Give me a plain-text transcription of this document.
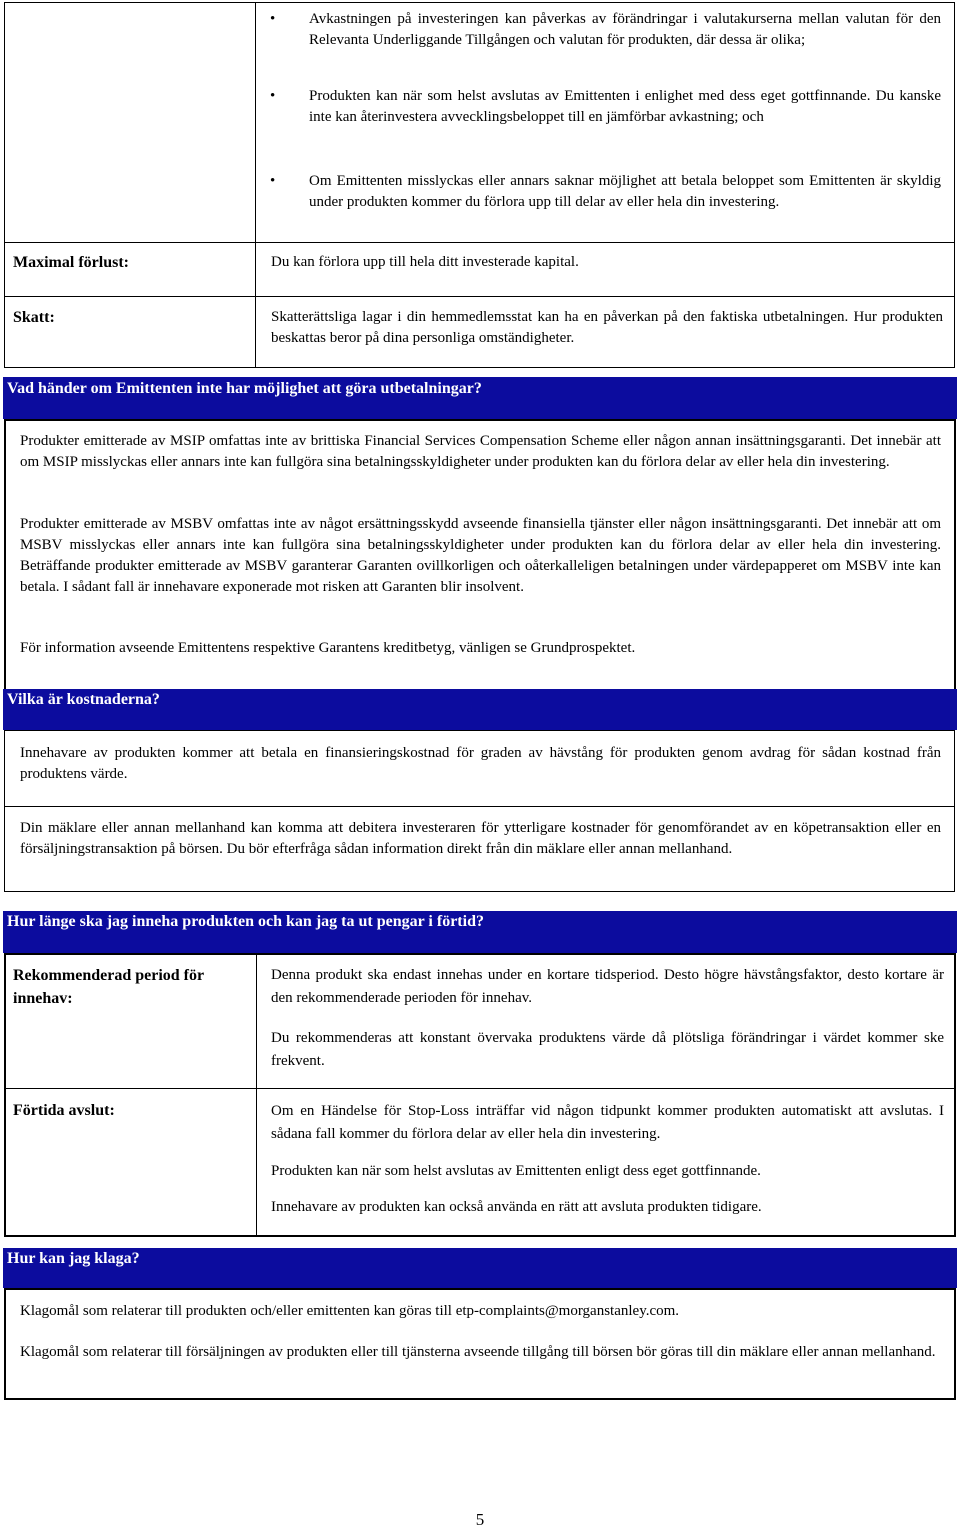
•	Avkastningen på investeringen kan påverkas av förändringar i valutakurserna mellan valutan för den Relevanta Underliggande Tillgången och valutan för produkten, där dessa är olika;
•	Produkten kan när som helst avslutas av Emittenten i enlighet med dess eget gottfinnande. Du kanske inte kan återinvestera avvecklingsbeloppet till en jämförbar avkastning; och
•	Om Emittenten misslyckas eller annars saknar möjlighet att betala beloppet som Emittenten är skyldig under produkten kommer du förlora upp till delar av eller hela din investering.
Maximal förlust:	Du kan förlora upp till hela ditt investerade kapital.
Skatt:	Skatterättsliga lagar i din hemmedlemsstat kan ha en påverkan på den faktiska utbetalningen. Hur produkten beskattas beror på dina personliga omständigheter.
Vad händer om Emittenten inte har möjlighet att göra utbetalningar?
Produkter emitterade av MSIP omfattas inte av brittiska Financial Services Compensation Scheme eller någon annan insättningsgaranti. Det innebär att om MSIP misslyckas eller annars inte kan fullgöra sina betalningsskyldigheter under produkten kan du förlora delar av eller hela din investering.
Produkter emitterade av MSBV omfattas inte av något ersättningsskydd avseende finansiella tjänster eller någon insättningsgaranti. Det innebär att om MSBV misslyckas eller annars inte kan fullgöra sina betalningsskyldigheter under produkten kan du förlora delar av eller hela din investering. Beträffande produkter emitterade av MSBV garanterar Garanten ovillkorligen och oåterkalleligen betalningen under värdepapperet om MSBV inte kan betala. I sådant fall är innehavare exponerade mot risken att Garanten blir insolvent.
För information avseende Emittentens respektive Garantens kreditbetyg, vänligen se Grundprospektet.
Vilka är kostnaderna?
Innehavare av produkten kommer att betala en finansieringskostnad för graden av hävstång för produkten genom avdrag för sådan kostnad från produktens värde.
Din mäklare eller annan mellanhand kan komma att debitera investeraren för ytterligare kostnader för genomförandet av en köpetransaktion eller en försäljningstransaktion på börsen. Du bör efterfråga sådan information direkt från din mäklare eller annan mellanhand.
Hur länge ska jag inneha produkten och kan jag ta ut pengar i förtid?
Rekommenderad period för innehav:
Denna produkt ska endast innehas under en kortare tidsperiod. Desto högre hävstångsfaktor, desto kortare är den rekommenderade perioden för innehav.
Du rekommenderas att konstant övervaka produktens värde då plötsliga förändringar i värdet kommer ske frekvent.
Förtida avslut:	Om en Händelse för Stop-Loss inträffar vid någon tidpunkt kommer produkten automatiskt att avslutas. I sådana fall kommer du förlora delar av eller hela din investering.
Produkten kan när som helst avslutas av Emittenten enligt dess eget gottfinnande.
Innehavare av produkten kan också använda en rätt att avsluta produkten tidigare.
Hur kan jag klaga?
Klagomål som relaterar till produkten och/eller emittenten kan göras till etp-complaints@morganstanley.com.
Klagomål som relaterar till försäljningen av produkten eller till tjänsterna avseende tillgång till börsen bör göras till din mäklare eller annan mellanhand.
5
